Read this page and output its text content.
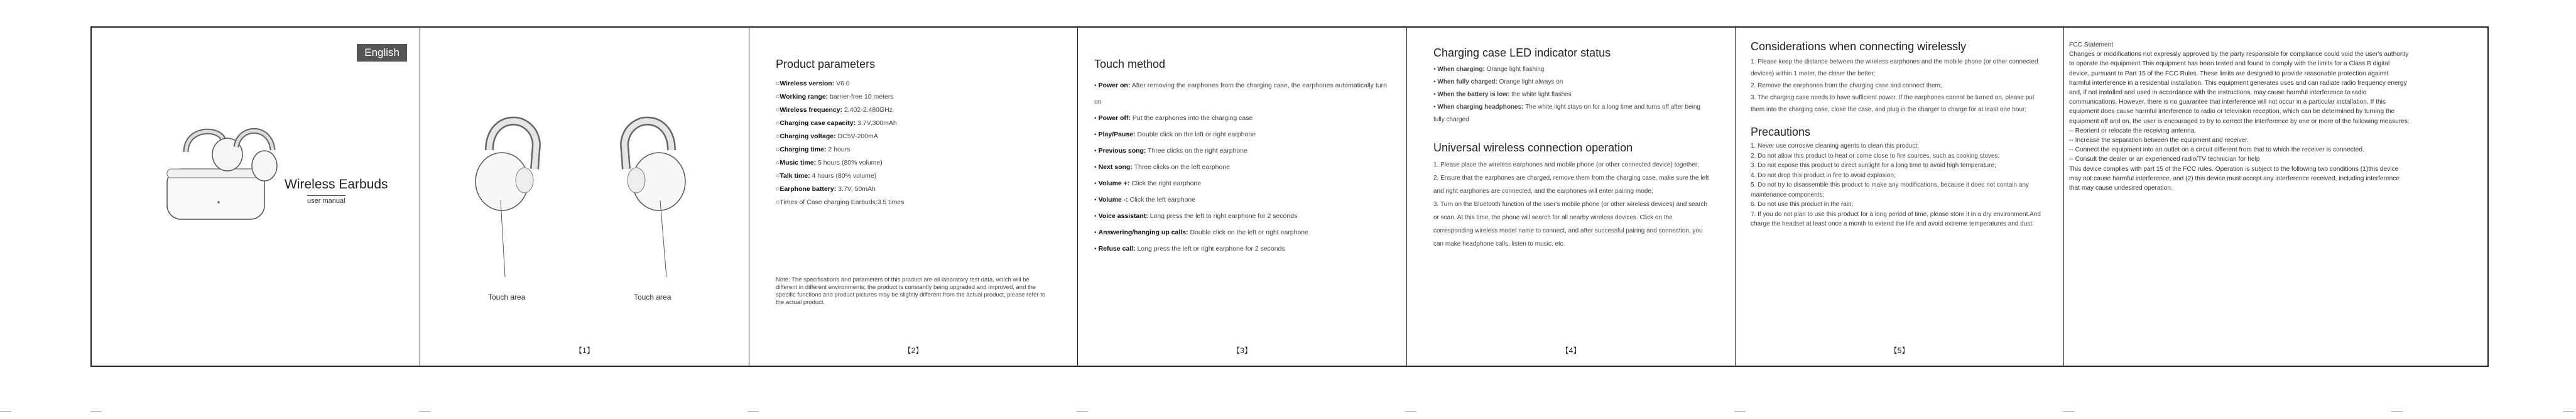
English
Wireless Earbuds
user manual
Touch area	Touch area
【1】
Product parameters
○Wireless version: V6.0
○Working range: barrier-free 10 meters
○Wireless frequency: 2.402-2.480GHz
○Charging case capacity: 3.7V,300mAh
○Charging voltage: DC5V-200mA
○Charging time: 2 hours
○Music time: 5 hours (80% volume)
○Talk time: 4 hours (80% volume)
○Earphone battery: 3.7V, 50mAh
○Times of Case charging Earbuds:3.5 times
Note: The specifications and parameters of this product are all laboratory test data, which will be different in different environments; the product is constantly being upgraded and improved, and the specific functions and product pictures may be slightly different from the actual product, please refer to the actual product.
【2】
Touch method
• Power on: After removing the earphones from the charging case, the earphones automatically turn on
• Power off: Put the earphones into the charging case
• Play/Pause: Double click on the left or right earphone
• Previous song: Three clicks on the right earphone
• Next song: Three clicks on the left earphone
• Volume +: Click the right earphone
• Volume -: Click the left earphone
• Voice assistant: Long press the left to right earphone for 2 seconds
• Answering/hanging up calls: Double click on the left or right earphone
• Refuse call: Long press the left or right earphone for 2 seconds
【3】
Charging case LED indicator status
• When charging: Orange light flashing
• When fully charged: Orange light always on
• When the battery is low: the white light flashes
• When charging headphones: The white light stays on for a long time and turns off after being fully charged
Universal wireless connection operation
1. Please place the wireless earphones and mobile phone (or other connected device) together;
2. Ensure that the earphones are charged, remove them from the charging case, make sure the left and right earphones are connected, and the earphones will enter pairing mode;
3. Turn on the Bluetooth function of the user's mobile phone (or other wireless devices) and search or scan. At this time, the phone will search for all nearby wireless devices. Click on the corresponding wireless model name to connect, and after successful pairing and connection, you can make headphone calls, listen to music, etc.
【4】
Considerations when connecting wirelessly
1. Please keep the distance between the wireless earphones and the mobile phone (or other connected devices) within 1 meter, the closer the better;
2. Remove the earphones from the charging case and connect them;
3. The charging case needs to have sufficient power. If the earphones cannot be turned on, please put them into the charging case, close the case, and plug in the charger to charge for at least one hour;
Precautions
1. Never use corrosive cleaning agents to clean this product;
2. Do not allow this product to heat or come close to fire sources, such as cooking stoves;
3. Do not expose this product to direct sunlight for a long time to avoid high temperature;
4. Do not drop this product in fire to avoid explosion;
5. Do not try to disassemble this product to make any modifications, because it does not contain any maintenance components;
6. Do not use this product in the rain;
7. If you do not plan to use this product for a long period of time, please store it in a dry environment.And charge the headset at least once a month to extend the life and avoid extreme temperatures and dust.
【5】
FCC Statement
Changes or modifications not expressly approved by the party responsible for compliance could void the user's authority to operate the equipment.This equipment has been tested and found to comply with the limits for a Class B digital device, pursuant to Part 15 of the FCC Rules. These limits are designed to provide reasonable protection against harmful interference in a residential installation. This equipment generates uses and can radiate radio frequency energy and, if not installed and used in accordance with the instructions, may cause harmful interference to radio communications. However, there is no guarantee that interference will not occur in a particular installation. If this equipment does cause harmful interference to radio or television reception, which can be determined by turning the equipment off and on, the user is encouraged to try to correct the interference by one or more of the following measures:
-- Reorient or relocate the receiving antenna.
-- Increase the separation between the equipment and receiver.
-- Connect the equipment into an outlet on a circuit different from that to which the receiver is connected.
-- Consult the dealer or an experienced radio/TV technician for help
This device complies with part 15 of the FCC rules. Operation is subject to the following two conditions (1)this device may not cause harmful interference, and (2) this device must accept any interference received, including interference that may cause undesired operation.
